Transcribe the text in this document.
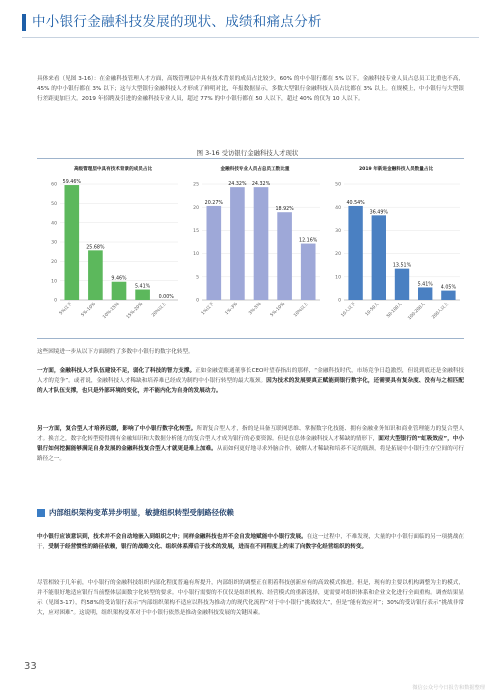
中小银行金融科技发展的现状、成绩和痛点分析

具体来看（见图 3-16）：在金融科技管理人才方面，高级管理层中具有技术背景的成员占比较少，60% 的中小银行都在 5% 以下。金融科技专业人员占总员工比重也不高，45% 的中小银行都在 3% 以下；这与大型银行金融科技人才形成了鲜明对比，年报数据显示，多数大型银行金融科技人员占比都在 3% 以上。在规模上，中小银行与大型银行差距更加巨大。2019 年招聘及引进的金融科技专业人员，超过 77% 的中小银行都在 50 人以下，超过 40% 的仅为 10 人以下。

图 3-16 受访银行金融科技人才现状
高级管理层中具有技术背景的成员占比
60
50
40
30
20
10
0
59.46%
5%以下
25.68%
5%-10%
9.46%
10%-15%
5.41%
15%-20%
0.00%
20%以上
金融科技专业人员占总员工数比重
25
20
15
10
5
0
20.27%
1%以下
24.32%
1%-3%
24.32%
3%-5%
18.92%
5%-10%
12.16%
10%以上
2019 年新进金融科技人员数量占比
50
40
30
20
10
0
40.54%
10人以下
36.49%
10-50人
13.51%
50-100人
5.41%
100-200人
4.05%
200人以上

这些困境进一步从以下方面制约了多数中小银行的数字化转型。

一方面，金融科技人才队伍建设不足，弱化了科技的智力支撑。正如金融壹账通董事长CEO叶望春指出的那样，“金融科技时代，市场竞争日趋激烈，但说到底还是金融科技人才的竞争”。或者说，金融科技人才稀缺和培养难已经成为制约中小银行转型的最大瓶颈。因为技术的发展要真正赋能到银行数字化，还需要具有复杂度、没有与之相匹配的人才队伍支撑，也只是外部环境的变化，并不能内化为自身的发展动力。

另一方面，复合型人才培养迟缓，影响了中小银行数字化转型。所谓复合型人才，指的是具备互联网思维、掌握数字化技能、拥有金融业务知识和商业管理能力的复合型人才。换言之，数字化转型使得拥有金融知识和大数据分析能力的复合型人才成为银行的必要资源。但是在总体金融科技人才稀缺的情形下，面对大型银行的“虹吸效应”，中小银行如何挖掘能够满足自身发展的金融科技复合型人才就更是难上加难。从而如何更好地寻求外脑合作，破解人才稀缺和培养不足的瓶颈，将是拓展中小银行生存空间的可行路径之一。

内部组织架构变革异步明显，敏捷组织转型受制路径依赖

中小银行应该意识到，技术并不会自动地嵌入到组织之中；同样金融科技也并不会自发地赋能中小银行发展。在这一过程中，不难发现，大量的中小银行面临的另一项挑战在于，受制于经营惯性的路径依赖，银行的战略文化、组织体系滞后于技术的发展，进而在不同程度上约束了向数字化经营组织的转变。

尽管相较于几年前，中小银行的金融科技组织内部化程度普遍有所提升，内部组织的调整正在朝着科技创新应有的高效模式推进。但是，现有的主要以机构调整为主的模式，并不能很好地适应银行当前整体层面数字化转型的要求。中小银行需要的不仅仅是组织机构、经营模式的重新选择，更需要对组织体系和企业文化进行全面重构。调查结果显示（见图3-17），约58%的受访银行表示“内部组织架构不适应以科技为推动力的现代化流程”对于中小银行“挑战较大”，但是“能有效应对”；30%的受访银行表示“挑战非常大，应对困难”。这说明，组织架构变革对于中小银行依然是推动金融科技发展的关键因素。

33
微信公众号今日报告和数据整理
